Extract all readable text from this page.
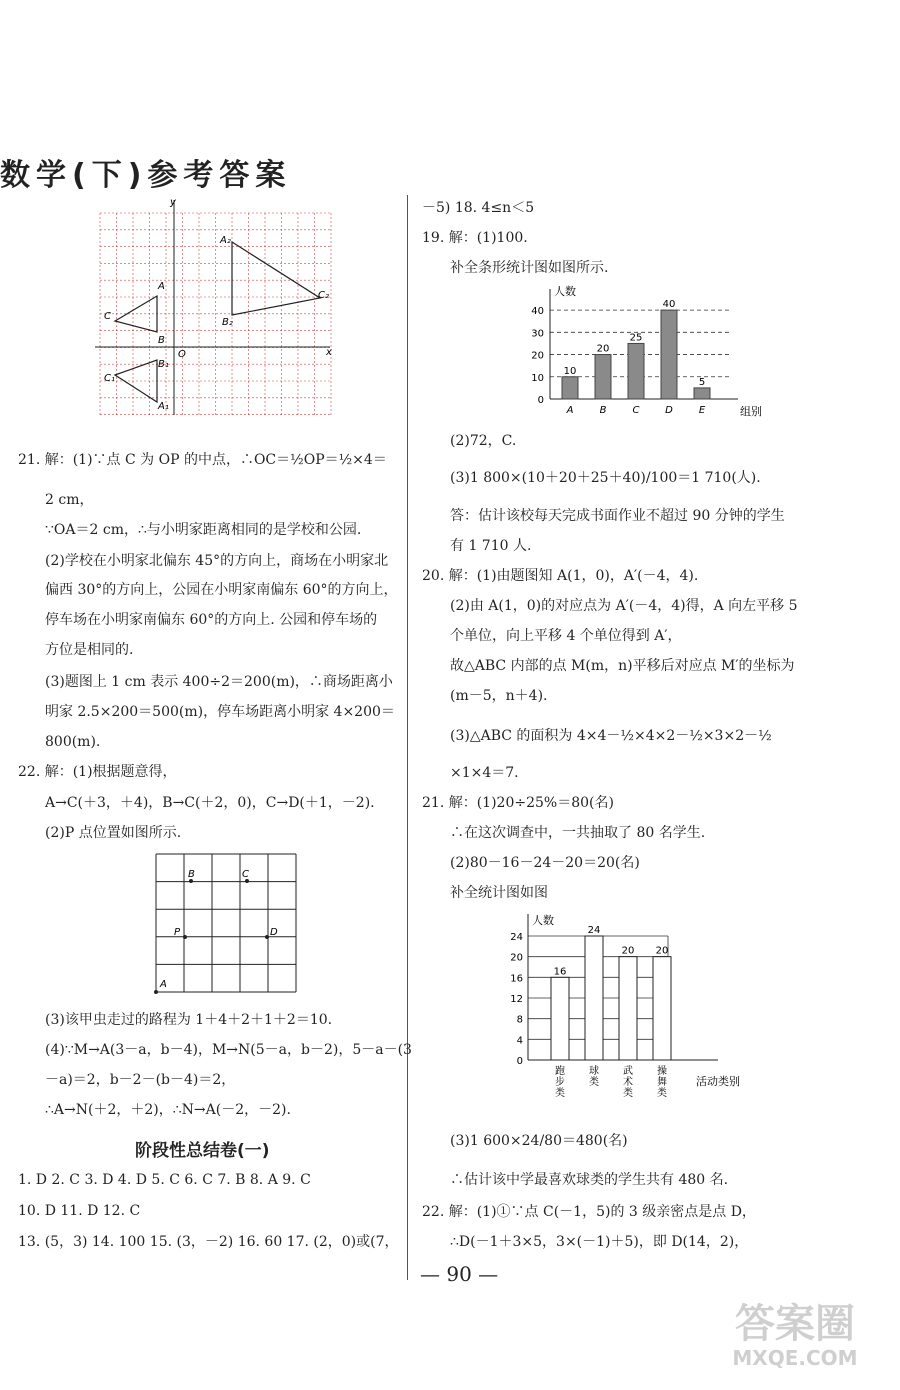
数学(下)参考答案
x
y
O
A
B
C
B₁
C₁
A₁
A₂
B₂
C₂
21. 解：(1)∵点 C 为 OP 的中点，∴OC＝½OP＝½×4＝
2 cm，
∵OA＝2 cm，∴与小明家距离相同的是学校和公园.
(2)学校在小明家北偏东 45°的方向上，商场在小明家北
偏西 30°的方向上，公园在小明家南偏东 60°的方向上，
停车场在小明家南偏东 60°的方向上. 公园和停车场的
方位是相同的.
(3)题图上 1 cm 表示 400÷2＝200(m)，∴商场距离小
明家 2.5×200＝500(m)，停车场距离小明家 4×200＝
800(m).
22. 解：(1)根据题意得，
A→C(＋3，＋4)，B→C(＋2，0)，C→D(＋1，－2).
(2)P 点位置如图所示.
B	C
P	D
A
(3)该甲虫走过的路程为 1＋4＋2＋1＋2＝10.
(4)∵M→A(3－a，b－4)，M→N(5－a，b－2)，5－a－(3
－a)＝2，b－2－(b－4)＝2，
∴A→N(＋2，＋2)，∴N→A(－2，－2).
阶段性总结卷(一)
1. D 2. C 3. D 4. D 5. C 6. C 7. B 8. A 9. C
10. D 11. D 12. C
13. (5，3) 14. 100 15. (3，－2) 16. 60 17. (2，0)或(7，
－5) 18. 4≤n＜5
19. 解：(1)100.
补全条形统计图如图所示.
0
10
20
30
40
人数
组别
10
A
20
B
25
C
40
D
5
E
(2)72，C.
(3)1 800×(10＋20＋25＋40)/100＝1 710(人).
答：估计该校每天完成书面作业不超过 90 分钟的学生
有 1 710 人.
20. 解：(1)由题图知 A(1，0)，A′(－4，4).
(2)由 A(1，0)的对应点为 A′(－4，4)得，A 向左平移 5
个单位，向上平移 4 个单位得到 A′，
故△ABC 内部的点 M(m，n)平移后对应点 M′的坐标为
(m－5，n＋4).
(3)△ABC 的面积为 4×4－½×4×2－½×3×2－½
×1×4＝7.
21. 解：(1)20÷25%＝80(名)
∴在这次调查中，一共抽取了 80 名学生.
(2)80－16－24－20＝20(名)
补全统计图如图
0
4
8
12
16
20
24
人数
活动类别
16
跑步类
24
球类
20
武术类
20
操舞类
(3)1 600×24/80＝480(名)
∴估计该中学最喜欢球类的学生共有 480 名.
22. 解：(1)①∵点 C(－1，5)的 3 级亲密点是点 D，
∴D(－1＋3×5，3×(－1)＋5)，即 D(14，2)，
— 90 —
答案圈
MXQE.COM
